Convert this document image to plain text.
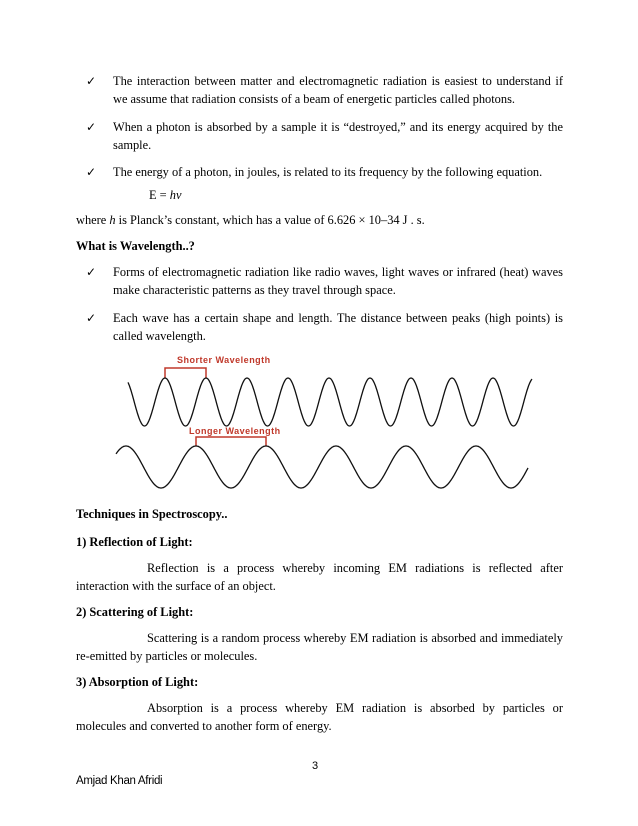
✓	The interaction between matter and electromagnetic radiation is easiest to understand if we assume that radiation consists of a beam of energetic particles called photons.
✓	When a photon is absorbed by a sample it is “destroyed,” and its energy acquired by the sample.
✓	The energy of a photon, in joules, is related to its frequency by the following equation.
E = hv
where h is Planck’s constant, which has a value of 6.626 × 10–34 J . s.
What is Wavelength..?
✓	Forms of electromagnetic radiation like radio waves, light waves or infrared (heat) waves make characteristic patterns as they travel through space.
✓	Each wave has a certain shape and length. The distance between peaks (high points) is called wavelength.
Shorter Wavelength
Longer Wavelength
Techniques in Spectroscopy..
1) Reflection of Light:
Reflection is a process whereby incoming EM radiations is reflected after interaction with the surface of an object.
2) Scattering of Light:
Scattering is a random process whereby EM radiation is absorbed and immediately re-emitted by particles or molecules.
3) Absorption of Light:
Absorption is a process whereby EM radiation is absorbed by particles or molecules and converted to another form of energy.
3
Amjad Khan Afridi
